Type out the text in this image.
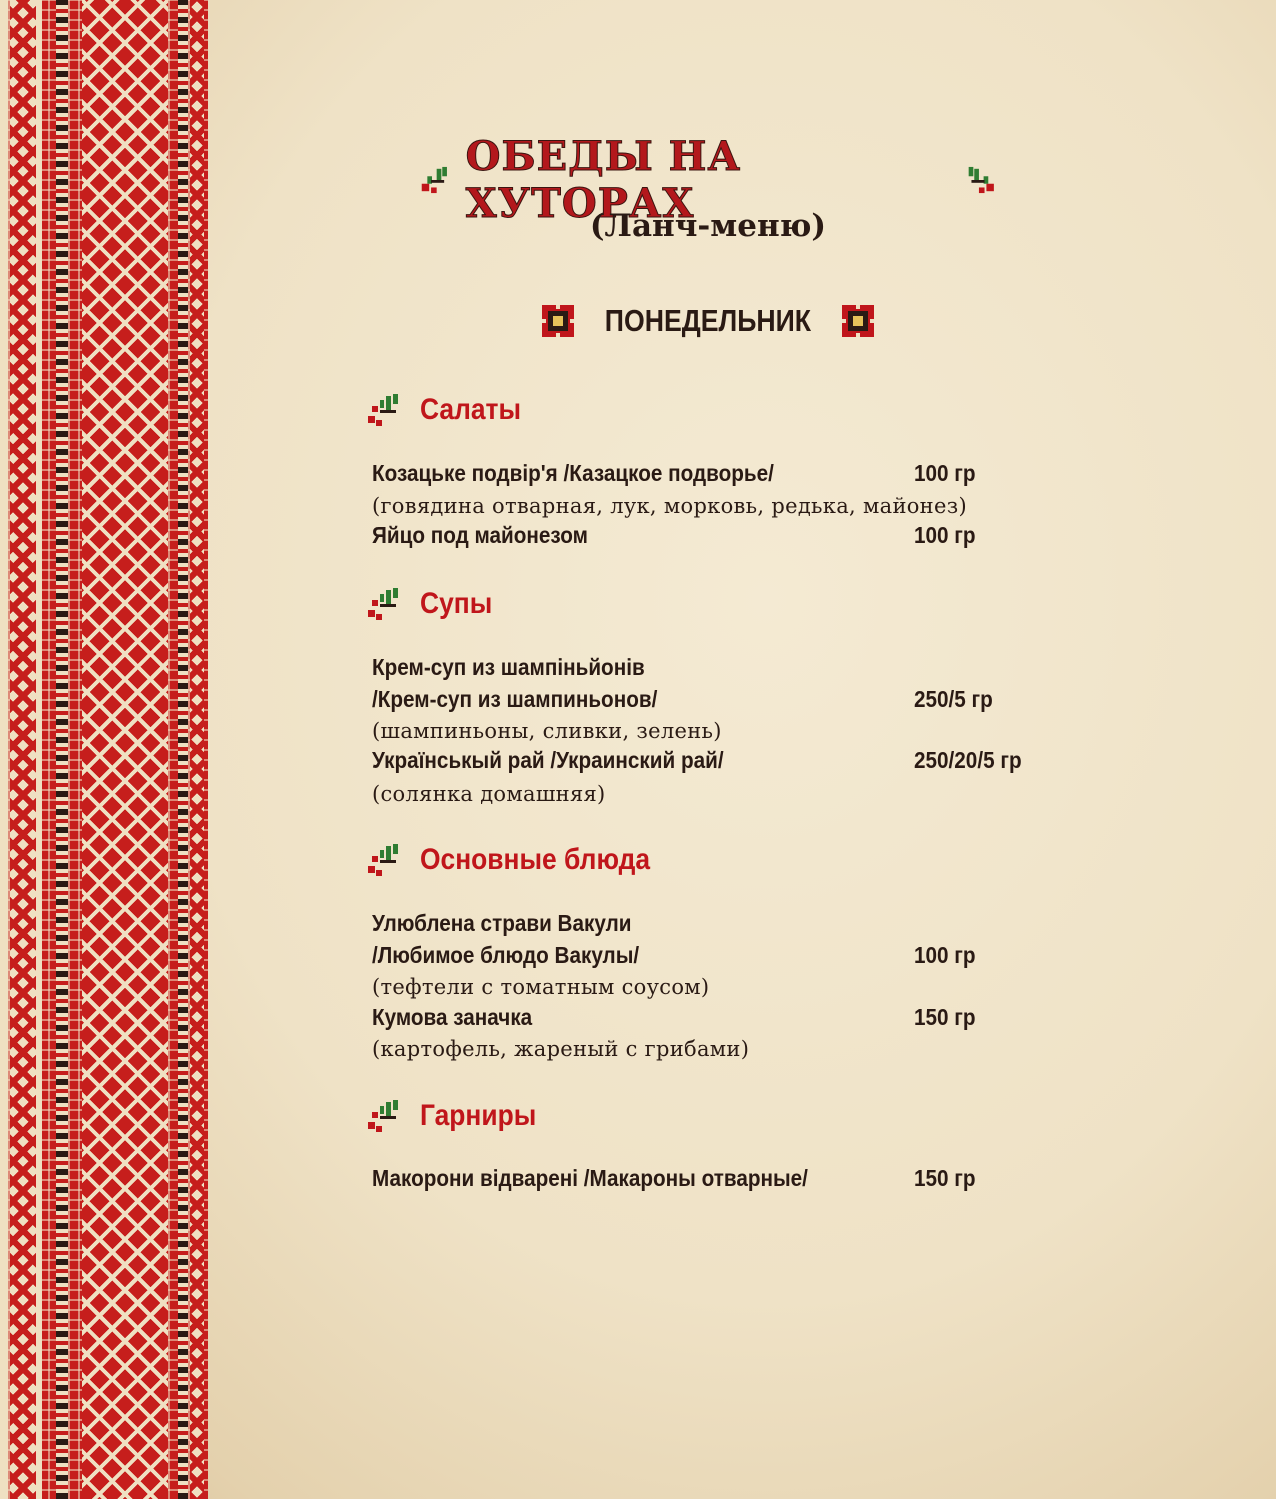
ОБЕДЫ НА ХУТОРАХ
(Ланч-меню)
ПОНЕДЕЛЬНИК
Салаты
Козацьке подвір'я /Казацкое подворье/	100 гр
(говядина отварная, лук, морковь, редька, майонез)
Яйцо под майонезом	100 гр
Супы
Крем-суп из шампіньйонів
/Крем-суп из шампиньонов/	250/5 гр
(шампиньоны, сливки, зелень)
Українськый рай /Украинский рай/	250/20/5 гр
(солянка домашняя)
Основные блюда
Улюблена страви Вакули
/Любимое блюдо Вакулы/	100 гр
(тефтели с томатным соусом)
Кумова заначка	150 гр
(картофель, жареный с грибами)
Гарниры
Макорони відварені /Макароны отварные/	150 гр
